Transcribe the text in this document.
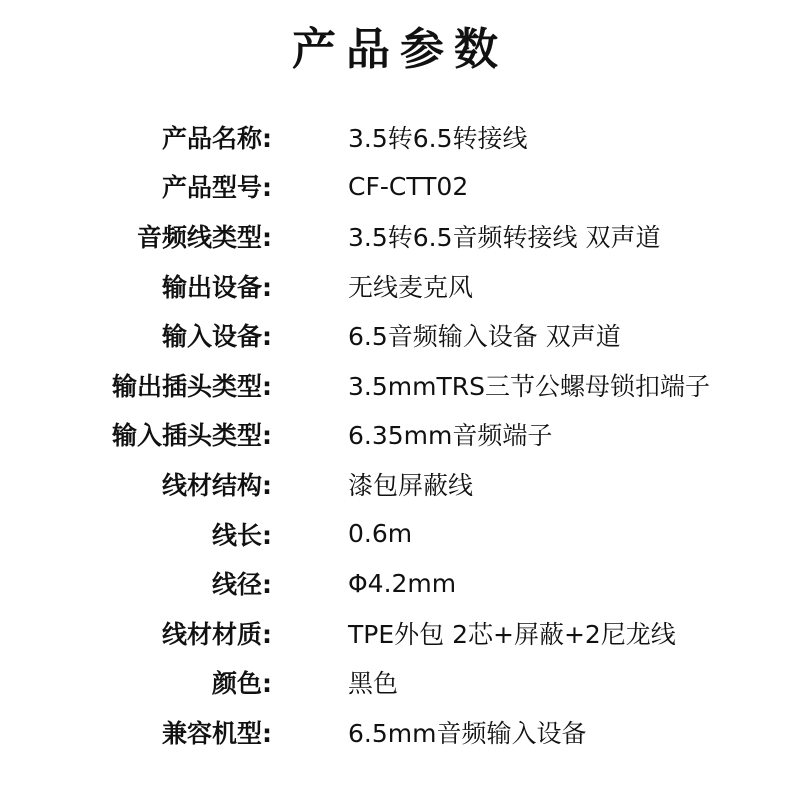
产品参数
产品名称:	3.5转6.5转接线
产品型号:	CF-CTT02
音频线类型:	3.5转6.5音频转接线 双声道
输出设备:	无线麦克风
输入设备:	6.5音频输入设备 双声道
输出插头类型:	3.5mmTRS三节公螺母锁扣端子
输入插头类型:	6.35mm音频端子
线材结构:	漆包屏蔽线
线长:	0.6m
线径:	Φ4.2mm
线材材质:	TPE外包 2芯+屏蔽+2尼龙线
颜色:	黑色
兼容机型:	6.5mm音频输入设备
